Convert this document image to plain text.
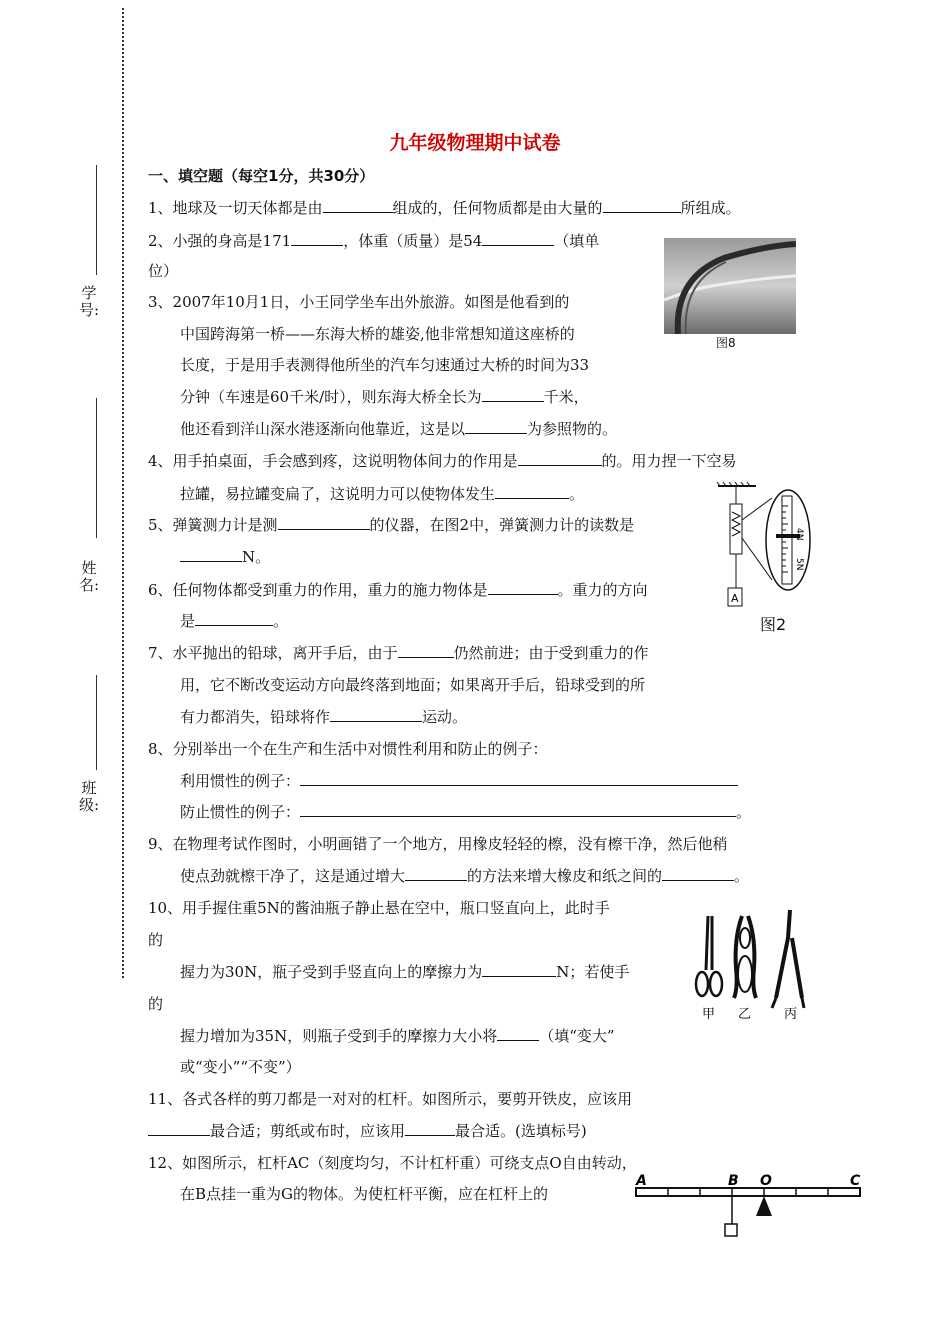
学号:
姓名:
班级:
九年级物理期中试卷
一、填空题（每空1分，共30分）
1、地球及一切天体都是由	组成的，任何物质都是由大量的	所组成。
2、小强的身高是171	，体重（质量）是54	（填单
位）
3、2007年10月1日，小王同学坐车出外旅游。如图是他看到的
中国跨海第一桥——东海大桥的雄姿,他非常想知道这座桥的
长度，于是用手表测得他所坐的汽车匀速通过大桥的时间为33
分钟（车速是60千米/时），则东海大桥全长为	千米，
他还看到洋山深水港逐渐向他靠近，这是以	为参照物的。
4、用手拍桌面，手会感到疼，这说明物体间力的作用是	的。用力捏一下空易
拉罐，易拉罐变扁了，这说明力可以使物体发生	。
5、弹簧测力计是测	的仪器，在图2中，弹簧测力计的读数是
N。
6、任何物体都受到重力的作用，重力的施力物体是	。重力的方向
是	。
7、水平抛出的铅球，离开手后，由于	仍然前进；由于受到重力的作
用，它不断改变运动方向最终落到地面；如果离开手后，铅球受到的所
有力都消失，铅球将作	运动。
8、分别举出一个在生产和生活中对惯性利用和防止的例子：
利用惯性的例子：
防止惯性的例子：	。
9、在物理考试作图时，小明画错了一个地方，用橡皮轻轻的檫，没有檫干净，然后他稍
使点劲就檫干净了，这是通过增大	的方法来增大橡皮和纸之间的	。
10、用手握住重5N的酱油瓶子静止悬在空中，瓶口竖直向上，此时手
的
握力为30N，瓶子受到手竖直向上的摩擦力为	N；若使手
的
握力增加为35N，则瓶子受到手的摩擦力大小将	（填“变大”
或“变小”“不变”）
11、各式各样的剪刀都是一对对的杠杆。如图所示，要剪开铁皮，应该用
最合适；剪纸或布时，应该用	最合适。(选填标号)
12、如图所示，杠杆AC（刻度均匀，不计杠杆重）可绕支点O自由转动，
在B点挂一重为G的物体。为使杠杆平衡，应在杠杆上的
图8
A
4N
5N
图2
甲 乙	丙
A	B O	C
